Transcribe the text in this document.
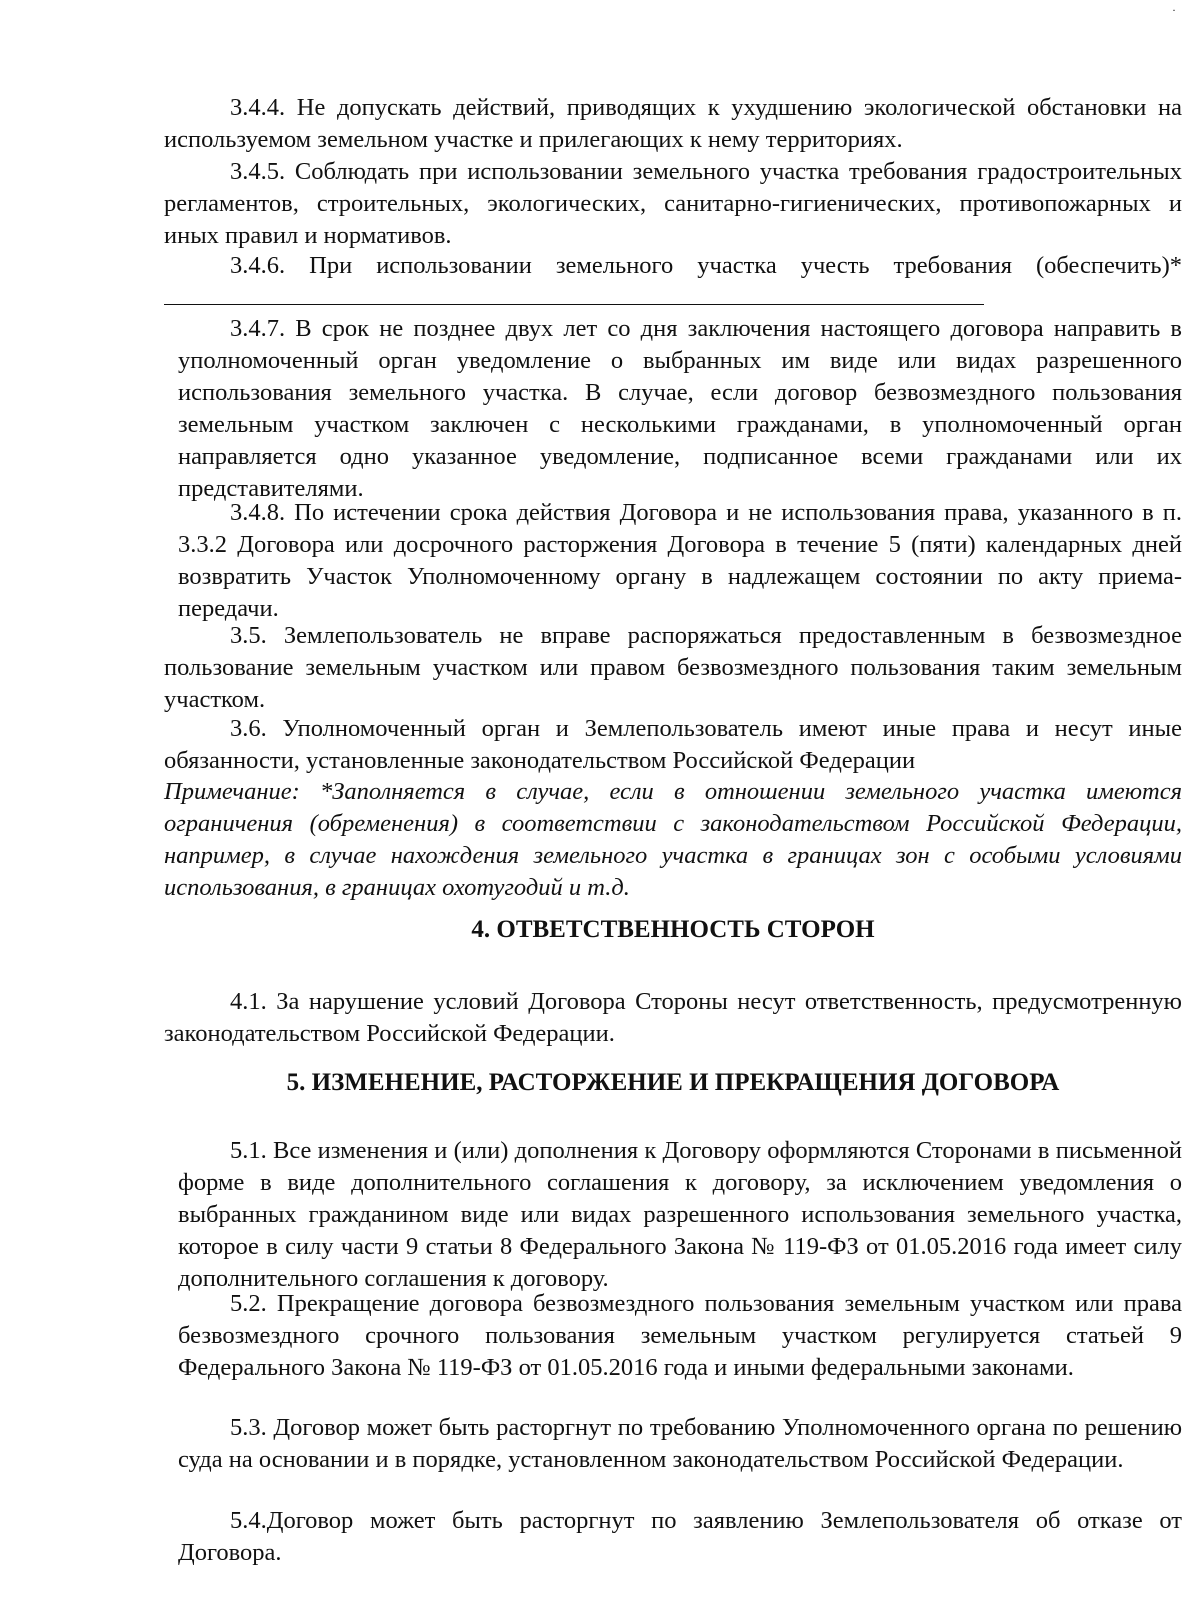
·

3.4.4. Не допускать действий, приводящих к ухудшению экологической обстановки на используемом земельном участке и прилегающих к нему территориях.

3.4.5. Соблюдать при использовании земельного участка требования градостроительных регламентов, строительных, экологических, санитарно-гигиенических, противопожарных и иных правил и нормативов.

3.4.6. При использовании земельного участка учесть требования (обеспечить)*

3.4.7. В срок не позднее двух лет со дня заключения настоящего договора направить в уполномоченный орган уведомление о выбранных им виде или видах разрешенного использования земельного участка. В случае, если договор безвозмездного пользования земельным участком заключен с несколькими гражданами, в уполномоченный орган направляется одно указанное уведомление, подписанное всеми гражданами или их представителями.

3.4.8. По истечении срока действия Договора и не использования права, указанного в п. 3.3.2 Договора или досрочного расторжения Договора в течение 5 (пяти) календарных дней возвратить Участок Уполномоченному органу в надлежащем состоянии по акту приема-передачи.

3.5. Землепользователь не вправе распоряжаться предоставленным в безвозмездное пользование земельным участком или правом безвозмездного пользования таким земельным участком.

3.6. Уполномоченный орган и Землепользователь имеют иные права и несут иные обязанности, установленные законодательством Российской Федерации

Примечание: *Заполняется в случае, если в отношении земельного участка имеются ограничения (обременения) в соответствии с законодательством Российской Федерации, например, в случае нахождения земельного участка в границах зон с особыми условиями использования, в границах охотугодий и т.д.

4. ОТВЕТСТВЕННОСТЬ СТОРОН

4.1. За нарушение условий Договора Стороны несут ответственность, предусмотренную законодательством Российской Федерации.

5. ИЗМЕНЕНИЕ, РАСТОРЖЕНИЕ И ПРЕКРАЩЕНИЯ ДОГОВОРА

5.1. Все изменения и (или) дополнения к Договору оформляются Сторонами в письменной форме в виде дополнительного соглашения к договору, за исключением уведомления о выбранных гражданином виде или видах разрешенного использования земельного участка, которое в силу части 9 статьи 8 Федерального Закона № 119-ФЗ от 01.05.2016 года имеет силу дополнительного соглашения к договору.

5.2. Прекращение договора безвозмездного пользования земельным участком или права безвозмездного срочного пользования земельным участком регулируется статьей 9 Федерального Закона № 119-ФЗ от 01.05.2016 года и иными федеральными законами.

5.3. Договор может быть расторгнут по требованию Уполномоченного органа по решению суда на основании и в порядке, установленном законодательством Российской Федерации.

5.4.Договор может быть расторгнут по заявлению Землепользователя об отказе от Договора.
